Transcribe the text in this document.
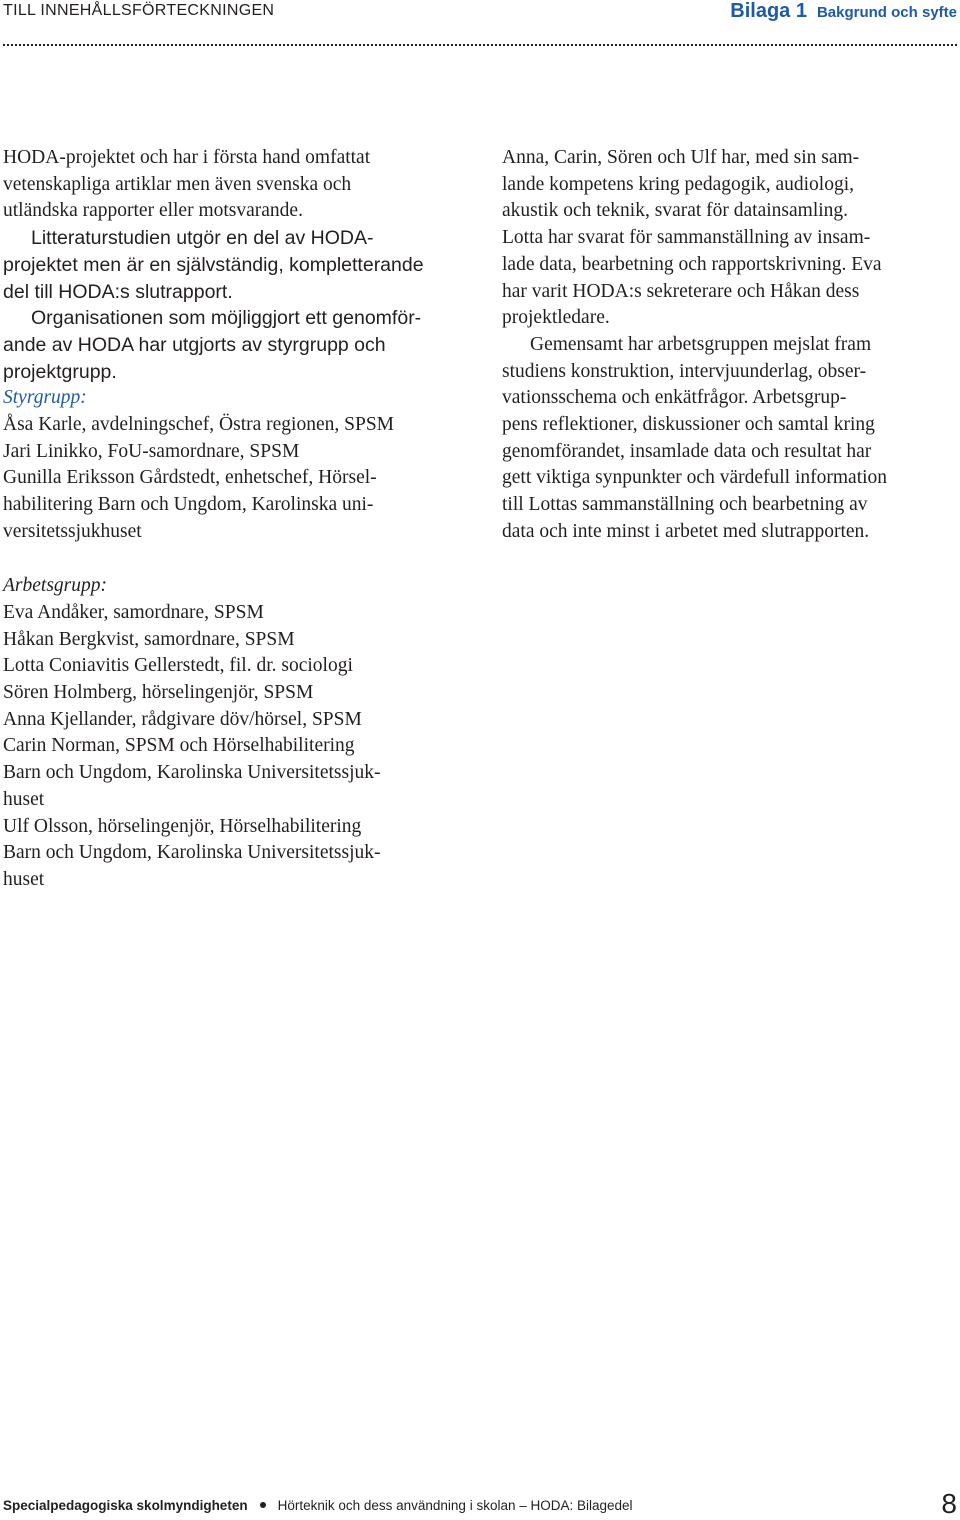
TILL INNEHÅLLSFÖRTECKNINGEN	Bilaga 1 Bakgrund och syfte
HODA-projektet och har i första hand omfattat
vetenskapliga artiklar men även svenska och
utländska rapporter eller motsvarande.
Litteraturstudien utgör en del av HODA-
projektet men är en självständig, kompletterande
del till HODA:s slutrapport.
Organisationen som möjliggjort ett genomför-
ande av HODA har utgjorts av styrgrupp och
projektgrupp.
Styrgrupp:
Åsa Karle, avdelningschef, Östra regionen, SPSM
Jari Linikko, FoU-samordnare, SPSM
Gunilla Eriksson Gårdstedt, enhetschef, Hörsel-
habilitering Barn och Ungdom, Karolinska uni-
versitetssjukhuset
Arbetsgrupp:
Eva Andåker, samordnare, SPSM
Håkan Bergkvist, samordnare, SPSM
Lotta Coniavitis Gellerstedt, fil. dr. sociologi
Sören Holmberg, hörselingenjör, SPSM
Anna Kjellander, rådgivare döv/hörsel, SPSM
Carin Norman, SPSM och Hörselhabilitering
Barn och Ungdom, Karolinska Universitetssjuk-
huset
Ulf Olsson, hörselingenjör, Hörselhabilitering
Barn och Ungdom, Karolinska Universitetssjuk-
huset
Anna, Carin, Sören och Ulf har, med sin sam-
lande kompetens kring pedagogik, audiologi,
akustik och teknik, svarat för datainsamling.
Lotta har svarat för sammanställning av insam-
lade data, bearbetning och rapportskrivning. Eva
har varit HODA:s sekreterare och Håkan dess
projektledare.
Gemensamt har arbetsgruppen mejslat fram
studiens konstruktion, intervjuunderlag, obser-
vationsschema och enkätfrågor. Arbetsgrup-
pens reflektioner, diskussioner och samtal kring
genomförandet, insamlade data och resultat har
gett viktiga synpunkter och värdefull information
till Lottas sammanställning och bearbetning av
data och inte minst i arbetet med slutrapporten.
Specialpedagogiska skolmyndigheten Hörteknik och dess användning i skolan – HODA: Bilagedel	8
